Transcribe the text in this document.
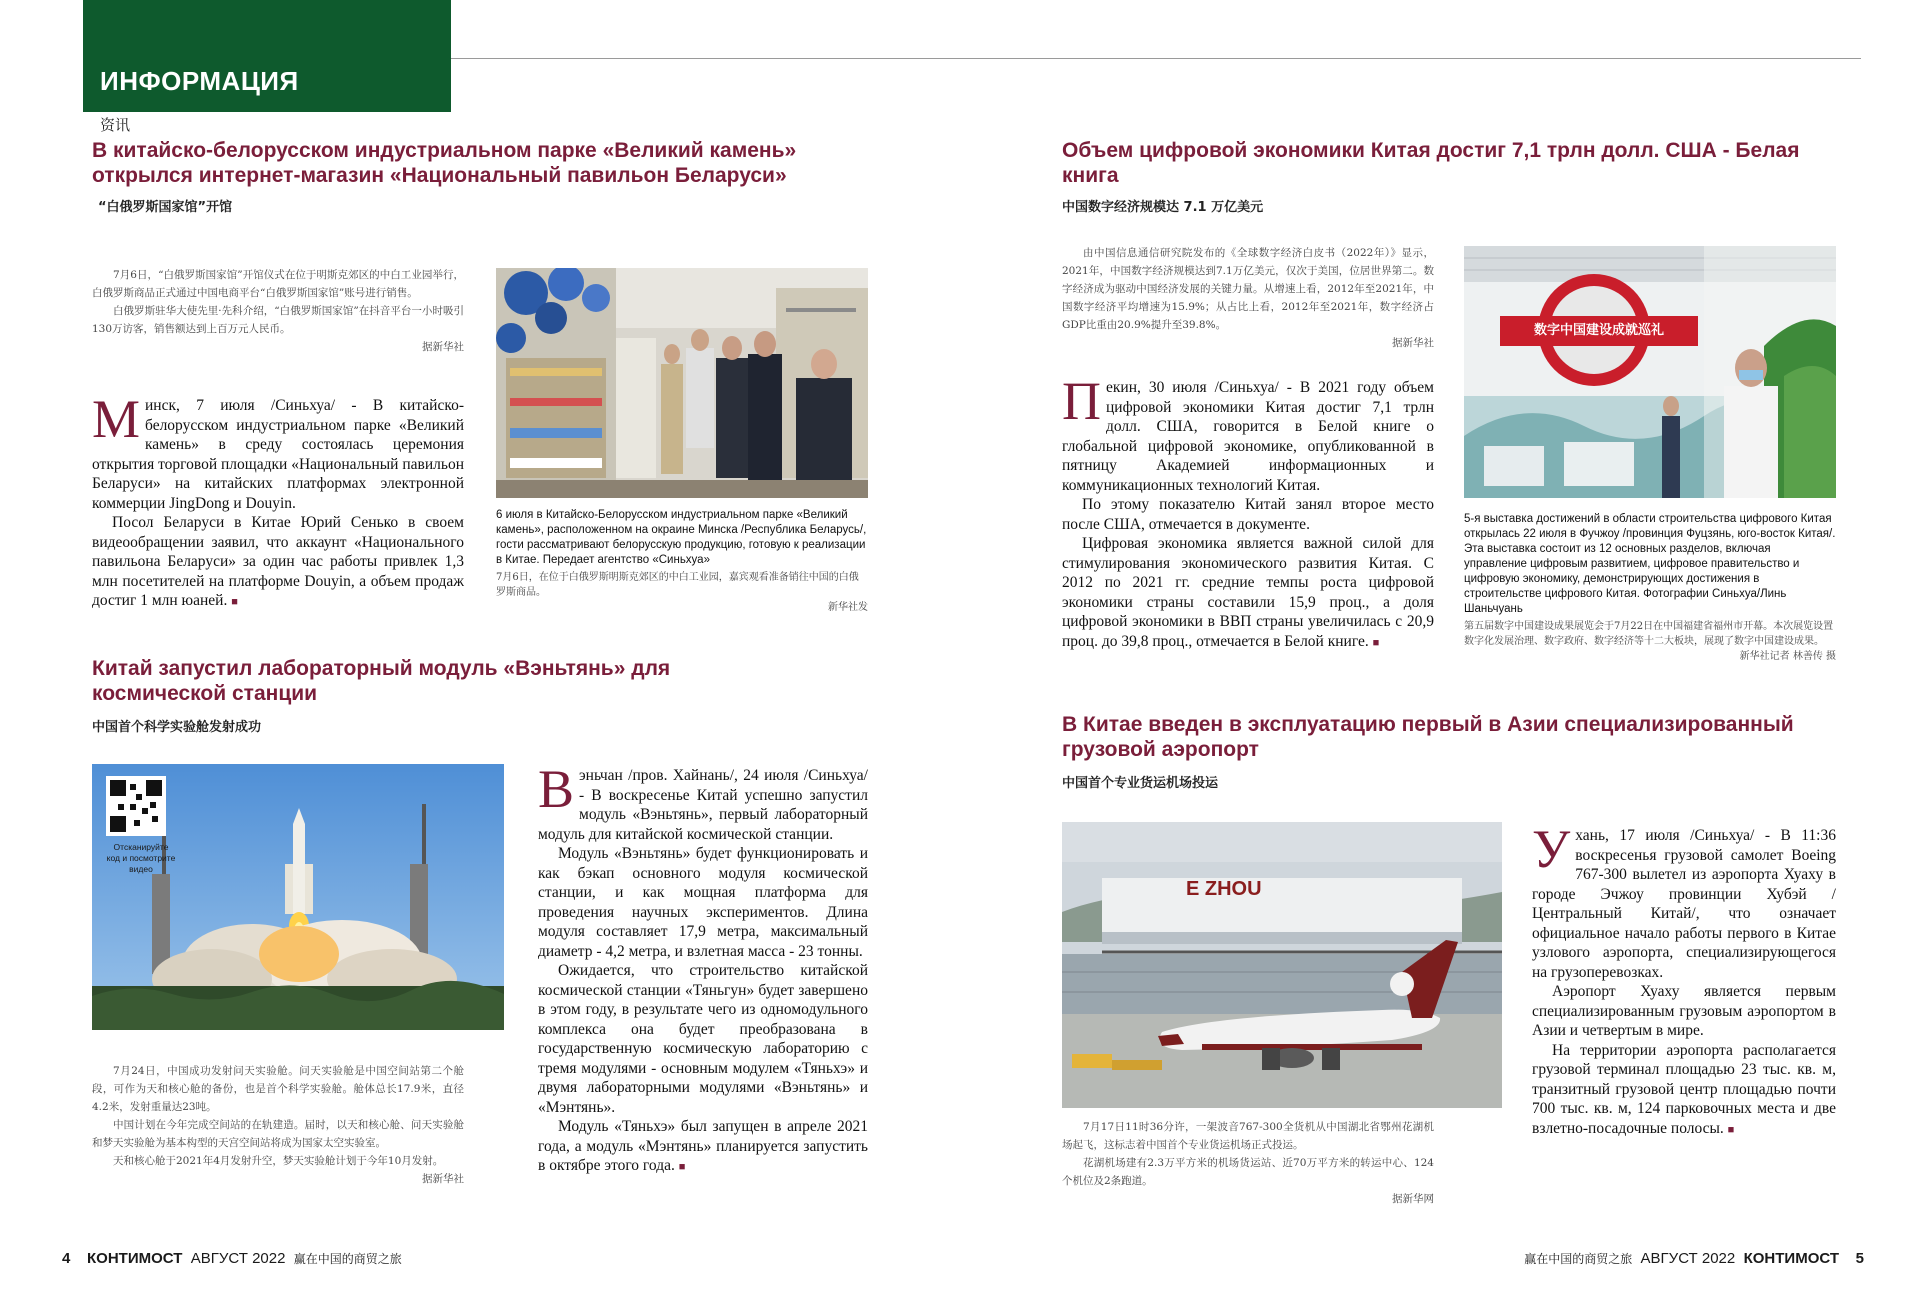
ИНФОРМАЦИЯ
资讯
В китайско-белорусском индустриальном парке «Великий камень» открылся интернет-магазин «Национальный павильон Беларуси»
“白俄罗斯国家馆”开馆

7月6日，“白俄罗斯国家馆”开馆仪式在位于明斯克郊区的中白工业园举行，白俄罗斯商品正式通过中国电商平台“白俄罗斯国家馆”账号进行销售。

白俄罗斯驻华大使先里·先科介绍，“白俄罗斯国家馆”在抖音平台一小时吸引130万访客，销售额达到上百万元人民币。

据新华社

Минск, 7 июля /Синьхуа/ - В китайско-белорусском индустриальном парке «Великий камень» в среду состоялась церемония открытия торговой площадки «Национальный павильон Беларуси» на китайских платформах электронной коммерции JingDong и Douyin.

Посол Беларуси в Китае Юрий Сенько в своем видеообращении заявил, что аккаунт «Национального павильона Беларуси» за один час работы привлек 1,3 млн посетителей на платформе Douyin, а объем продаж достиг 1 млн юаней. ■

6 июля в Китайско-Белорусском индустриальном парке «Великий камень», расположенном на окраине Минска /Республика Беларусь/, гости рассматривают белорусскую продукцию, готовую к реализации в Китае. Передает агентство «Синьхуа»
7月6日，在位于白俄罗斯明斯克郊区的中白工业园，嘉宾观看准备销往中国的白俄罗斯商品。
新华社发
Китай запустил лабораторный модуль «Вэньтянь» для космической станции
中国首个科学实验舱发射成功
Отсканируйте код и посмотрите видео

7月24日，中国成功发射问天实验舱。问天实验舱是中国空间站第二个舱段，可作为天和核心舱的备份，也是首个科学实验舱。舱体总长17.9米，直径4.2米，发射重量达23吨。

中国计划在今年完成空间站的在轨建造。届时，以天和核心舱、问天实验舱和梦天实验舱为基本构型的天宫空间站将成为国家太空实验室。

天和核心舱于2021年4月发射升空，梦天实验舱计划于今年10月发射。

据新华社

Вэньчан /пров. Хайнань/, 24 июля /Синьхуа/ - В воскресенье Китай успешно запустил модуль «Вэньтянь», первый лабораторный модуль для китайской космической станции.

Модуль «Вэньтянь» будет функционировать и как бэкап основного модуля космической станции, и как мощная платформа для проведения научных экспериментов. Длина модуля составляет 17,9 метра, максимальный диаметр - 4,2 метра, и взлетная масса - 23 тонны.

Ожидается, что строительство китайской космической станции «Тяньгун» будет завершено в этом году, в результате чего из одномодульного комплекса она будет преобразована в государственную космическую лабораторию с тремя модулями - основным модулем «Тяньхэ» и двумя лабораторными модулями «Вэньтянь» и «Мэнтянь».

Модуль «Тяньхэ» был запущен в апреле 2021 года, а модуль «Мэнтянь» планируется запустить в октябре этого года. ■

Объем цифровой экономики Китая достиг 7,1 трлн долл. США - Белая книга
中国数字经济规模达 7.1 万亿美元

由中国信息通信研究院发布的《全球数字经济白皮书（2022年）》显示，2021年，中国数字经济规模达到7.1万亿美元，仅次于美国，位居世界第二。数字经济成为驱动中国经济发展的关键力量。从增速上看，2012年至2021年，中国数字经济平均增速为15.9%；从占比上看，2012年至2021年，数字经济占GDP比重由20.9%提升至39.8%。

据新华社

Пекин, 30 июля /Синьхуа/ - В 2021 году объем цифровой экономики Китая достиг 7,1 трлн долл. США, говорится в Белой книге о глобальной цифровой экономике, опубликованной в пятницу Академией информационных и коммуникационных технологий Китая.

По этому показателю Китай занял второе место после США, отмечается в документе.

Цифровая экономика является важной силой для стимулирования экономического развития Китая. С 2012 по 2021 гг. средние темпы роста цифровой экономики страны составили 15,9 проц., а доля цифровой экономики в ВВП страны увеличилась с 20,9 проц. до 39,8 проц., отмечается в Белой книге. ■

数字中国建设成就巡礼
5-я выставка достижений в области строительства цифрового Китая открылась 22 июля в Фучжоу /провинция Фуцзянь, юго-восток Китая/. Эта выставка состоит из 12 основных разделов, включая управление цифровым развитием, цифровое правительство и цифровую экономику, демонстрирующих достижения в строительстве цифрового Китая. Фотографии Синьхуа/Линь Шаньчуань
第五届数字中国建设成果展览会于7月22日在中国福建省福州市开幕。本次展览设置数字化发展治理、数字政府、数字经济等十二大板块，展现了数字中国建设成果。
新华社记者 林善传 摄
В Китае введен в эксплуатацию первый в Азии специализированный грузовой аэропорт
中国首个专业货运机场投运
E ZHOU

7月17日11时36分许，一架波音767-300全货机从中国湖北省鄂州花湖机场起飞，这标志着中国首个专业货运机场正式投运。

花湖机场建有2.3万平方米的机场货运站、近70万平方米的转运中心、124个机位及2条跑道。

据新华网

Ухань, 17 июля /Синьхуа/ - В 11:36 воскресенья грузовой самолет Boeing 767-300 вылетел из аэропорта Хуаху в городе Эчжоу провинции Хубэй /Центральный Китай/, что означает официальное начало работы первого в Китае узлового аэропорта, специализирующегося на грузоперевозках.

Аэропорт Хуаху является первым специализированным грузовым аэропортом в Азии и четвертым в мире.

На территории аэропорта располагается грузовой терминал площадью 23 тыс. кв. м, транзитный грузовой центр площадью почти 700 тыс. кв. м, 124 парковочных места и две взлетно-посадочные полосы. ■

4 КОНТИМОСТ АВГУСТ 2022 赢在中国的商贸之旅	赢在中国的商贸之旅 АВГУСТ 2022 КОНТИМОСТ 5
